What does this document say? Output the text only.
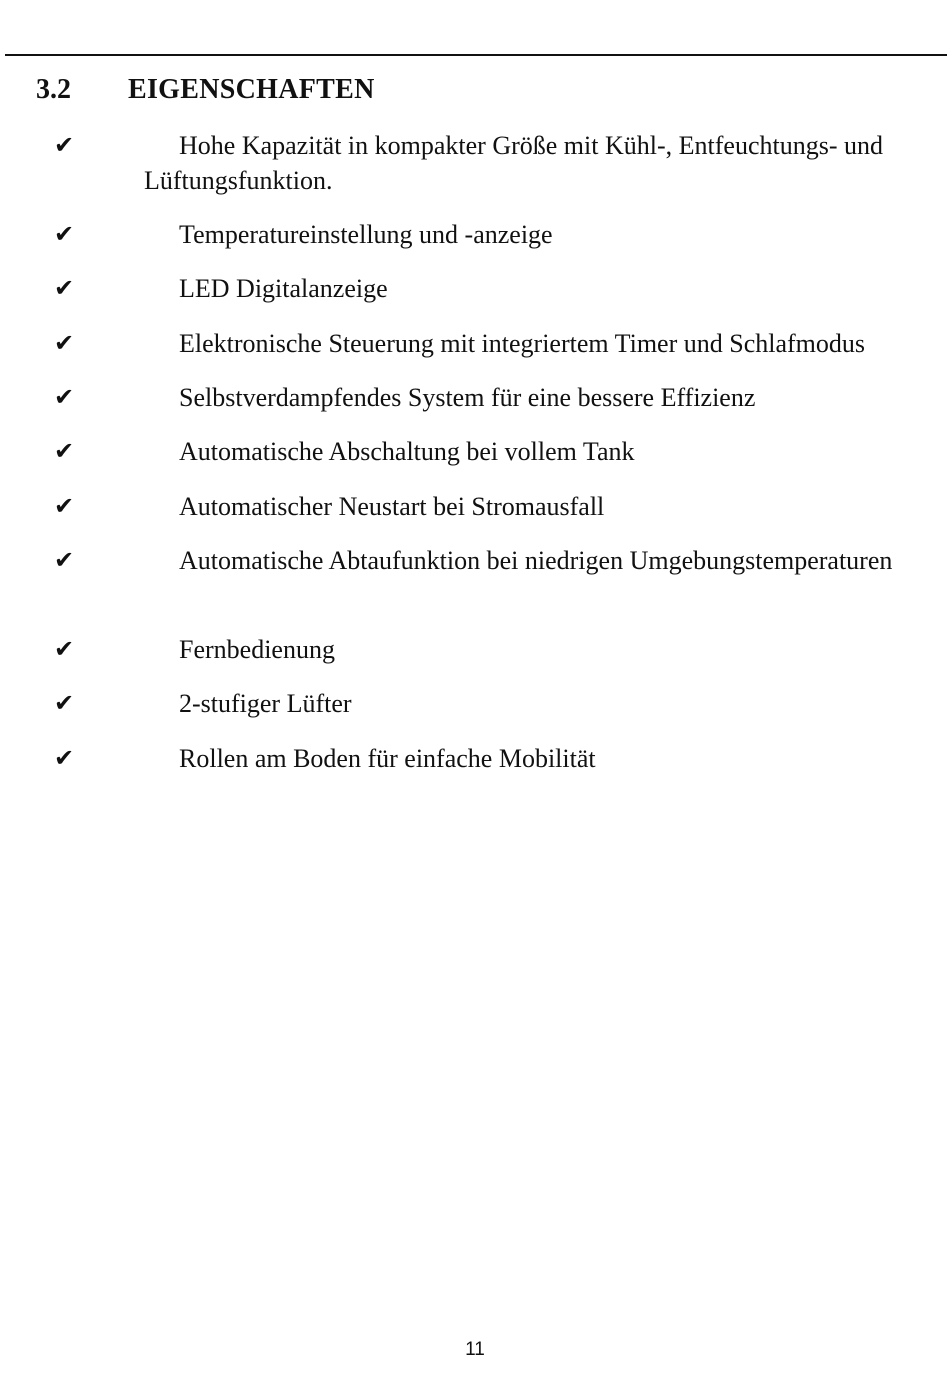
3.2 EIGENSCHAFTEN
✔	Hohe Kapazität in kompakter Größe mit Kühl-, Entfeuchtungs- und Lüftungsfunktion.
✔	Temperatureinstellung und -anzeige
✔	LED Digitalanzeige
✔	Elektronische Steuerung mit integriertem Timer und Schlafmodus
✔	Selbstverdampfendes System für eine bessere Effizienz
✔	Automatische Abschaltung bei vollem Tank
✔	Automatischer Neustart bei Stromausfall
✔	Automatische Abtaufunktion bei niedrigen Umgebungstemperaturen
✔	Fernbedienung
✔	2-stufiger Lüfter
✔	Rollen am Boden für einfache Mobilität
11
